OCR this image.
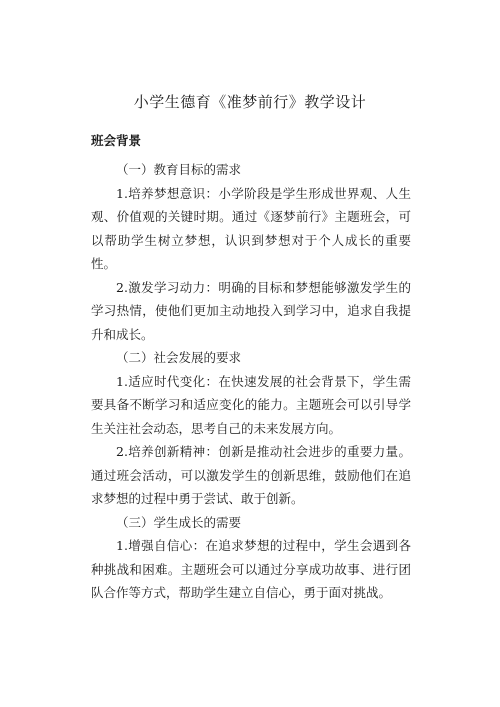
小学生德育《准梦前行》教学设计
班会背景

（一）教育目标的需求

1.培养梦想意识：小学阶段是学生形成世界观、人生观、价值观的关键时期。通过《逐梦前行》主题班会，可以帮助学生树立梦想，认识到梦想对于个人成长的重要性。

2.激发学习动力：明确的目标和梦想能够激发学生的学习热情，使他们更加主动地投入到学习中，追求自我提升和成长。

（二）社会发展的要求

1.适应时代变化：在快速发展的社会背景下，学生需要具备不断学习和适应变化的能力。主题班会可以引导学生关注社会动态，思考自己的未来发展方向。

2.培养创新精神：创新是推动社会进步的重要力量。通过班会活动，可以激发学生的创新思维，鼓励他们在追求梦想的过程中勇于尝试、敢于创新。

（三）学生成长的需要

1.增强自信心：在追求梦想的过程中，学生会遇到各种挑战和困难。主题班会可以通过分享成功故事、进行团队合作等方式，帮助学生建立自信心，勇于面对挑战。
